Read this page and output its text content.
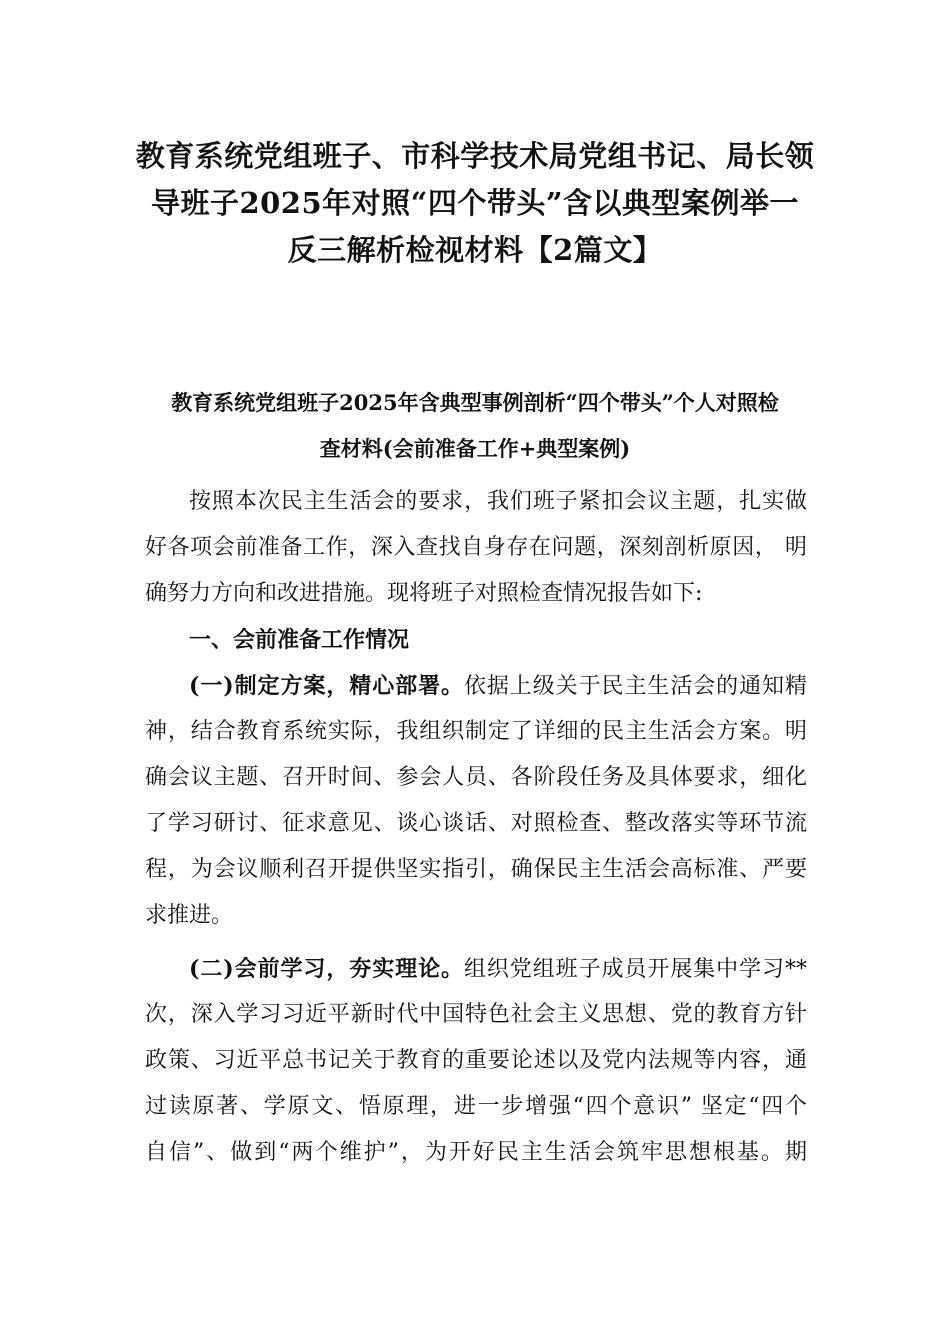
教育系统党组班子、市科学技术局党组书记、局长领
导班子2025年对照“四个带头”含以典型案例举一
反三解析检视材料【2篇文】
教育系统党组班子2025年含典型事例剖析“四个带头”个人对照检
查材料(会前准备工作+典型案例)
按照本次民主生活会的要求，我们班子紧扣会议主题，扎实做
好各项会前准备工作，深入查找自身存在问题，深刻剖析原因， 明
确努力方向和改进措施。现将班子对照检查情况报告如下:
一、会前准备工作情况
(一)制定方案，精心部署。依据上级关于民主生活会的通知精
神，结合教育系统实际，我组织制定了详细的民主生活会方案。明
确会议主题、召开时间、参会人员、各阶段任务及具体要求，细化
了学习研讨、征求意见、谈心谈话、对照检查、整改落实等环节流
程，为会议顺利召开提供坚实指引，确保民主生活会高标准、严要
求推进。
(二)会前学习，夯实理论。组织党组班子成员开展集中学习**
次，深入学习习近平新时代中国特色社会主义思想、党的教育方针
政策、习近平总书记关于教育的重要论述以及党内法规等内容，通
过读原著、学原文、悟原理，进一步增强“四个意识” 坚定“四个
自信”、做到“两个维护”，为开好民主生活会筑牢思想根基。期
